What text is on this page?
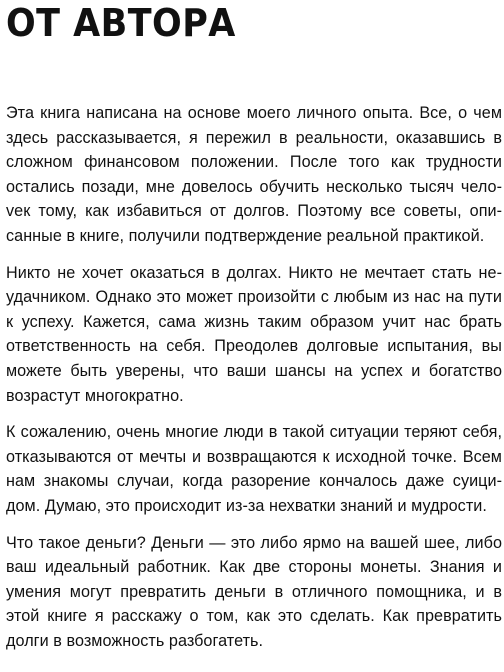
ОТ АВТОРА

Эта книга написана на основе моего личного опыта. Все, о чем здесь рассказывается, я пережил в реальности, оказавшись в сложном финансовом положении. После того как трудности остались позади, мне довелось обучить несколько тысяч челоvек тому, как избавиться от долгов. Поэтому все советы, описанные в книге, получили подтверждение реальной практикой.

Никто не хочет оказаться в долгах. Никто не мечтает стать неудачником. Однако это может произойти с любым из нас на пути к успеху. Кажется, сама жизнь таким образом учит нас брать ответственность на себя. Преодолев долговые испытания, вы можете быть уверены, что ваши шансы на успех и богатство возрастут многократно.

К сожалению, очень многие люди в такой ситуации теряют себя, отказываются от мечты и возвращаются к исходной точке. Всем нам знакомы случаи, когда разорение кончалось даже суицидом. Думаю, это происходит из-за нехватки знаний и мудрости.

Что такое деньги? Деньги — это либо ярмо на вашей шее, либо ваш идеальный работник. Как две стороны монеты. Знания и умения могут превратить деньги в отличного помощника, и в этой книге я расскажу о том, как это сделать. Как превратить долги в возможность разбогатеть.
